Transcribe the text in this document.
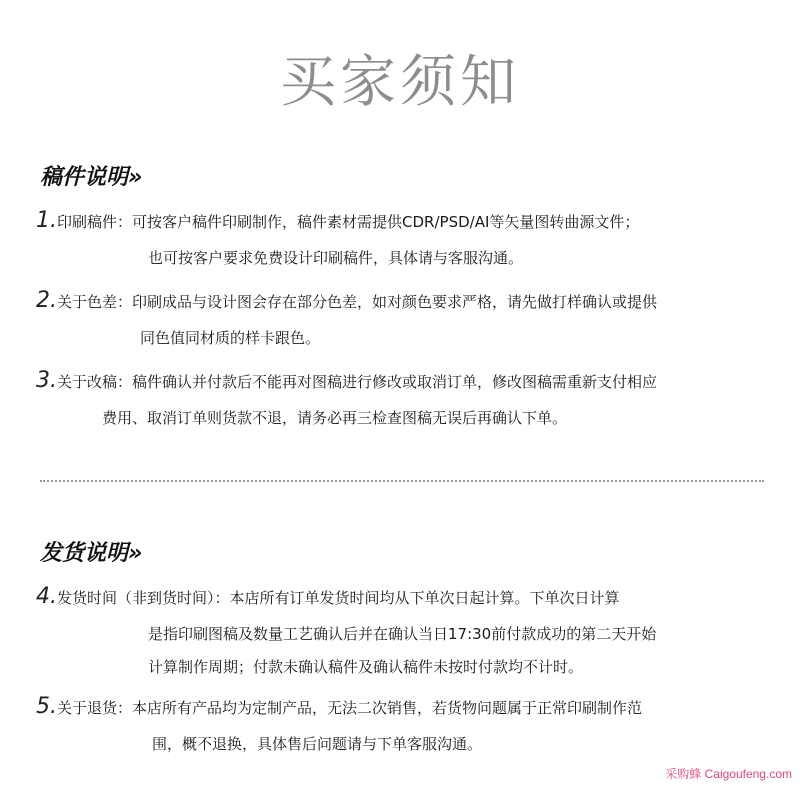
买家须知
稿件说明»
1. 印刷稿件： 可按客户稿件印刷制作，稿件素材需提供CDR/PSD/AI等矢量图转曲源文件；
也可按客户要求免费设计印刷稿件，具体请与客服沟通。
2. 关于色差： 印刷成品与设计图会存在部分色差，如对颜色要求严格，请先做打样确认或提供
同色值同材质的样卡跟色。
3. 关于改稿： 稿件确认并付款后不能再对图稿进行修改或取消订单，修改图稿需重新支付相应
费用、取消订单则货款不退，请务必再三检查图稿无误后再确认下单。
发货说明»
4. 发货时间（非到货时间）： 本店所有订单发货时间均从下单次日起计算。下单次日计算
是指印刷图稿及数量工艺确认后并在确认当日17:30前付款成功的第二天开始
计算制作周期；付款未确认稿件及确认稿件未按时付款均不计时。
5. 关于退货： 本店所有产品均为定制产品，无法二次销售，若货物问题属于正常印刷制作范
围，概不退换，具体售后问题请与下单客服沟通。
采购蜂 Caigoufeng.com
